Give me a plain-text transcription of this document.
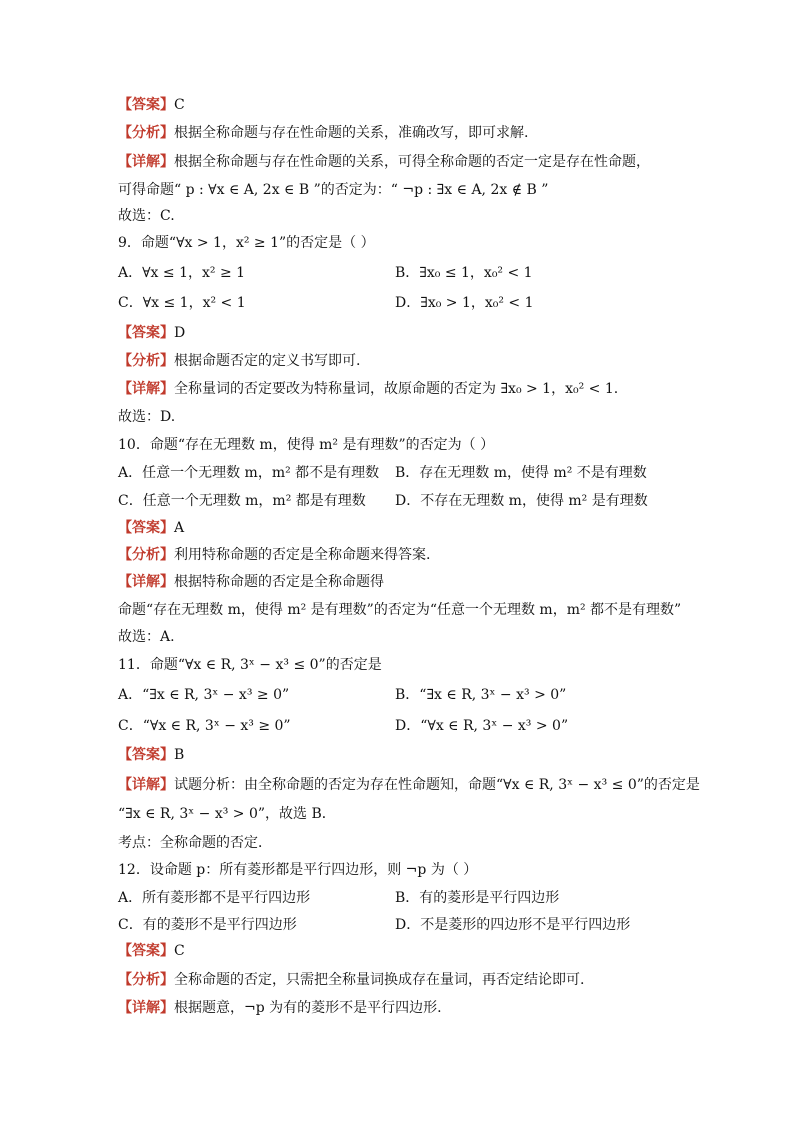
【答案】C
【分析】根据全称命题与存在性命题的关系，准确改写，即可求解.
【详解】根据全称命题与存在性命题的关系，可得全称命题的否定一定是存在性命题，
可得命题“ p : ∀x ∈ A, 2x ∈ B ”的否定为：“ ¬p : ∃x ∈ A, 2x ∉ B ”
故选：C.
9．命题“∀x > 1，x² ≥ 1”的否定是（ ）
A．∀x ≤ 1，x² ≥ 1	B．∃x₀ ≤ 1，x₀² < 1
C．∀x ≤ 1，x² < 1	D．∃x₀ > 1，x₀² < 1
【答案】D
【分析】根据命题否定的定义书写即可.
【详解】全称量词的否定要改为特称量词，故原命题的否定为 ∃x₀ > 1，x₀² < 1.
故选：D.
10．命题“存在无理数 m，使得 m² 是有理数”的否定为（ ）
A．任意一个无理数 m，m² 都不是有理数 B．存在无理数 m，使得 m² 不是有理数
C．任意一个无理数 m，m² 都是有理数 D．不存在无理数 m，使得 m² 是有理数
【答案】A
【分析】利用特称命题的否定是全称命题来得答案.
【详解】根据特称命题的否定是全称命题得
命题“存在无理数 m，使得 m² 是有理数”的否定为“任意一个无理数 m，m² 都不是有理数”
故选：A.
11．命题“∀x ∈ R, 3ˣ − x³ ≤ 0”的否定是
A．“∃x ∈ R, 3ˣ − x³ ≥ 0”	B．“∃x ∈ R, 3ˣ − x³ > 0”
C．“∀x ∈ R, 3ˣ − x³ ≥ 0”	D．“∀x ∈ R, 3ˣ − x³ > 0”
【答案】B
【详解】试题分析：由全称命题的否定为存在性命题知，命题“∀x ∈ R, 3ˣ − x³ ≤ 0”的否定是
“∃x ∈ R, 3ˣ − x³ > 0”，故选 B．
考点：全称命题的否定．
12．设命题 p：所有菱形都是平行四边形，则 ¬p 为（ ）
A．所有菱形都不是平行四边形	B．有的菱形是平行四边形
C．有的菱形不是平行四边形	D．不是菱形的四边形不是平行四边形
【答案】C
【分析】全称命题的否定，只需把全称量词换成存在量词，再否定结论即可.
【详解】根据题意，¬p 为有的菱形不是平行四边形.
